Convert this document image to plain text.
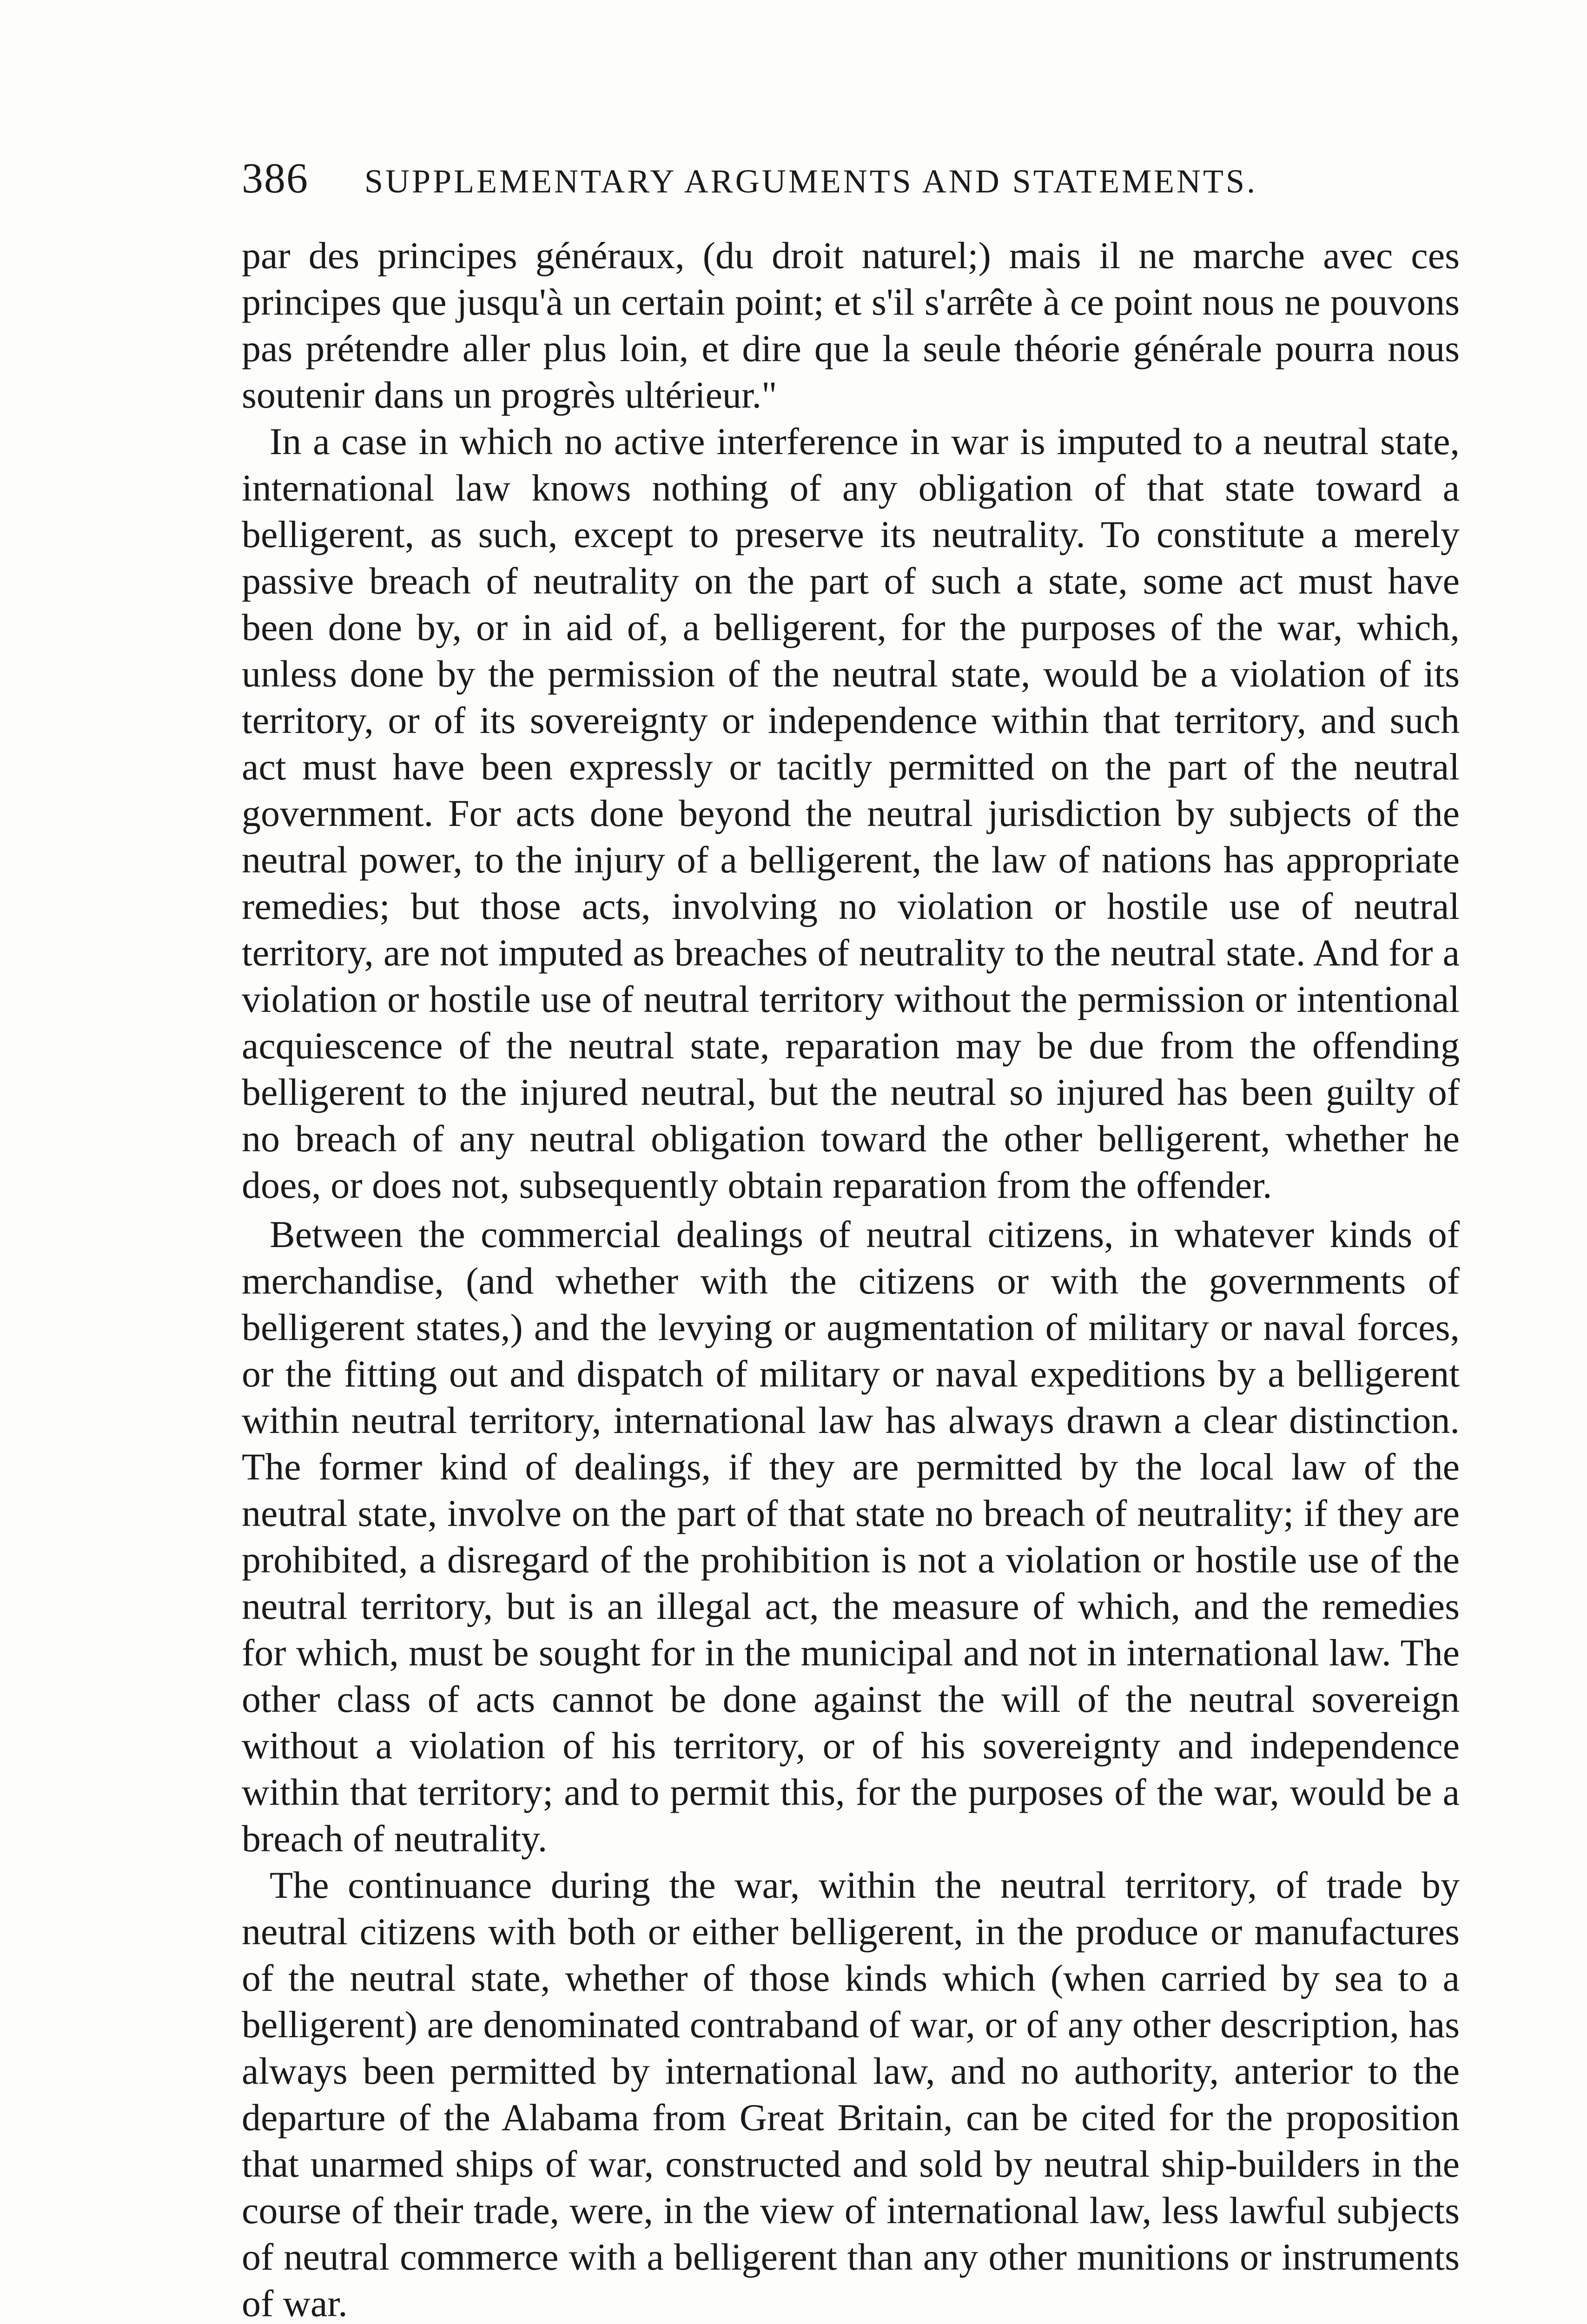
386 SUPPLEMENTARY ARGUMENTS AND STATEMENTS.

par des principes généraux, (du droit naturel;) mais il ne marche avec ces principes que jusqu'à un certain point; et s'il s'arrête à ce point nous ne pouvons pas prétendre aller plus loin, et dire que la seule théorie générale pourra nous soutenir dans un progrès ultérieur."

In a case in which no active interference in war is imputed to a neutral state, international law knows nothing of any obligation of that state toward a belligerent, as such, except to preserve its neutrality. To constitute a merely passive breach of neutrality on the part of such a state, some act must have been done by, or in aid of, a belligerent, for the purposes of the war, which, unless done by the permission of the neutral state, would be a violation of its territory, or of its sovereignty or independence within that territory, and such act must have been expressly or tacitly permitted on the part of the neutral government. For acts done beyond the neutral jurisdiction by subjects of the neutral power, to the injury of a belligerent, the law of nations has appropriate remedies; but those acts, involving no violation or hostile use of neutral territory, are not imputed as breaches of neutrality to the neutral state. And for a violation or hostile use of neutral territory without the permission or intentional acquiescence of the neutral state, reparation may be due from the offending belligerent to the injured neutral, but the neutral so injured has been guilty of no breach of any neutral obligation toward the other belligerent, whether he does, or does not, subsequently obtain reparation from the offender.

Between the commercial dealings of neutral citizens, in whatever kinds of merchandise, (and whether with the citizens or with the governments of belligerent states,) and the levying or augmentation of military or naval forces, or the fitting out and dispatch of military or naval expeditions by a belligerent within neutral territory, international law has always drawn a clear distinction. The former kind of dealings, if they are permitted by the local law of the neutral state, involve on the part of that state no breach of neutrality; if they are prohibited, a disregard of the prohibition is not a violation or hostile use of the neutral territory, but is an illegal act, the measure of which, and the remedies for which, must be sought for in the municipal and not in international law. The other class of acts cannot be done against the will of the neutral sovereign without a violation of his territory, or of his sovereignty and independence within that territory; and to permit this, for the purposes of the war, would be a breach of neutrality.

The continuance during the war, within the neutral territory, of trade by neutral citizens with both or either belligerent, in the produce or manufactures of the neutral state, whether of those kinds which (when carried by sea to a belligerent) are denominated contraband of war, or of any other description, has always been permitted by international law, and no authority, anterior to the departure of the Alabama from Great Britain, can be cited for the proposition that unarmed ships of war, constructed and sold by neutral ship-builders in the course of their trade, were, in the view of international law, less lawful subjects of neutral commerce with a belligerent than any other munitions or instruments of war.
